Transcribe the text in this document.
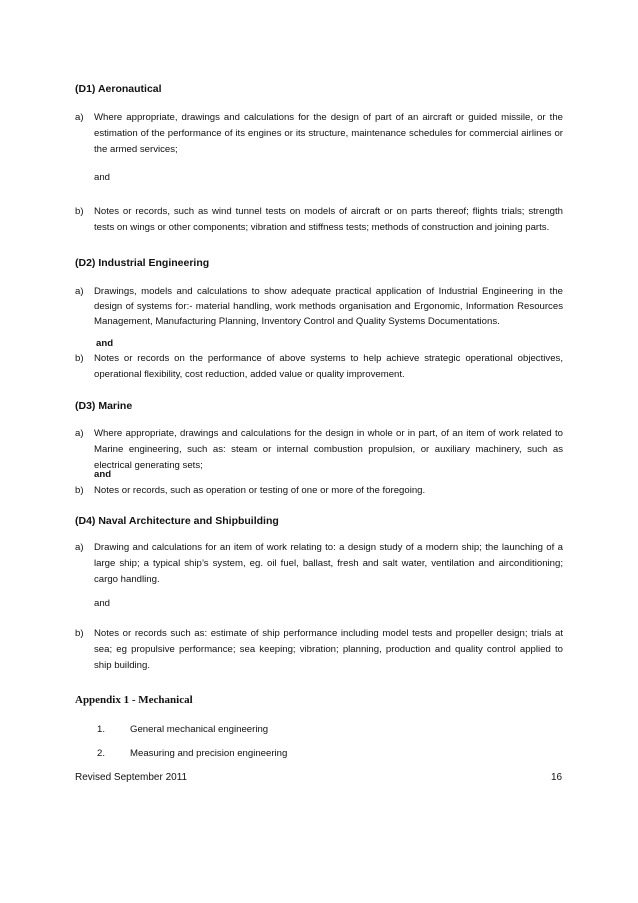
(D1) Aeronautical
a) Where appropriate, drawings and calculations for the design of part of an aircraft or guided missile, or the estimation of the performance of its engines or its structure, maintenance schedules for commercial airlines or the armed services;
and
b) Notes or records, such as wind tunnel tests on models of aircraft or on parts thereof; flights trials; strength tests on wings or other components; vibration and stiffness tests; methods of construction and joining parts.
(D2) Industrial Engineering
a) Drawings, models and calculations to show adequate practical application of Industrial Engineering in the design of systems for:- material handling, work methods organisation and Ergonomic, Information Resources Management, Manufacturing Planning, Inventory Control and Quality Systems Documentations.
and
b) Notes or records on the performance of above systems to help achieve strategic operational objectives, operational flexibility, cost reduction, added value or quality improvement.
(D3) Marine
a) Where appropriate, drawings and calculations for the design in whole or in part, of an item of work related to Marine engineering, such as: steam or internal combustion propulsion, or auxiliary machinery, such as electrical generating sets;
and
b) Notes or records, such as operation or testing of one or more of the foregoing.
(D4) Naval Architecture and Shipbuilding
a) Drawing and calculations for an item of work relating to: a design study of a modern ship; the launching of a large ship; a typical ship’s system, eg. oil fuel, ballast, fresh and salt water, ventilation and airconditioning; cargo handling.
and
b) Notes or records such as: estimate of ship performance including model tests and propeller design; trials at sea; eg propulsive performance; sea keeping; vibration; planning, production and quality control applied to ship building.
Appendix 1 - Mechanical
1.	General mechanical engineering
2.	Measuring and precision engineering
Revised September 2011	16
